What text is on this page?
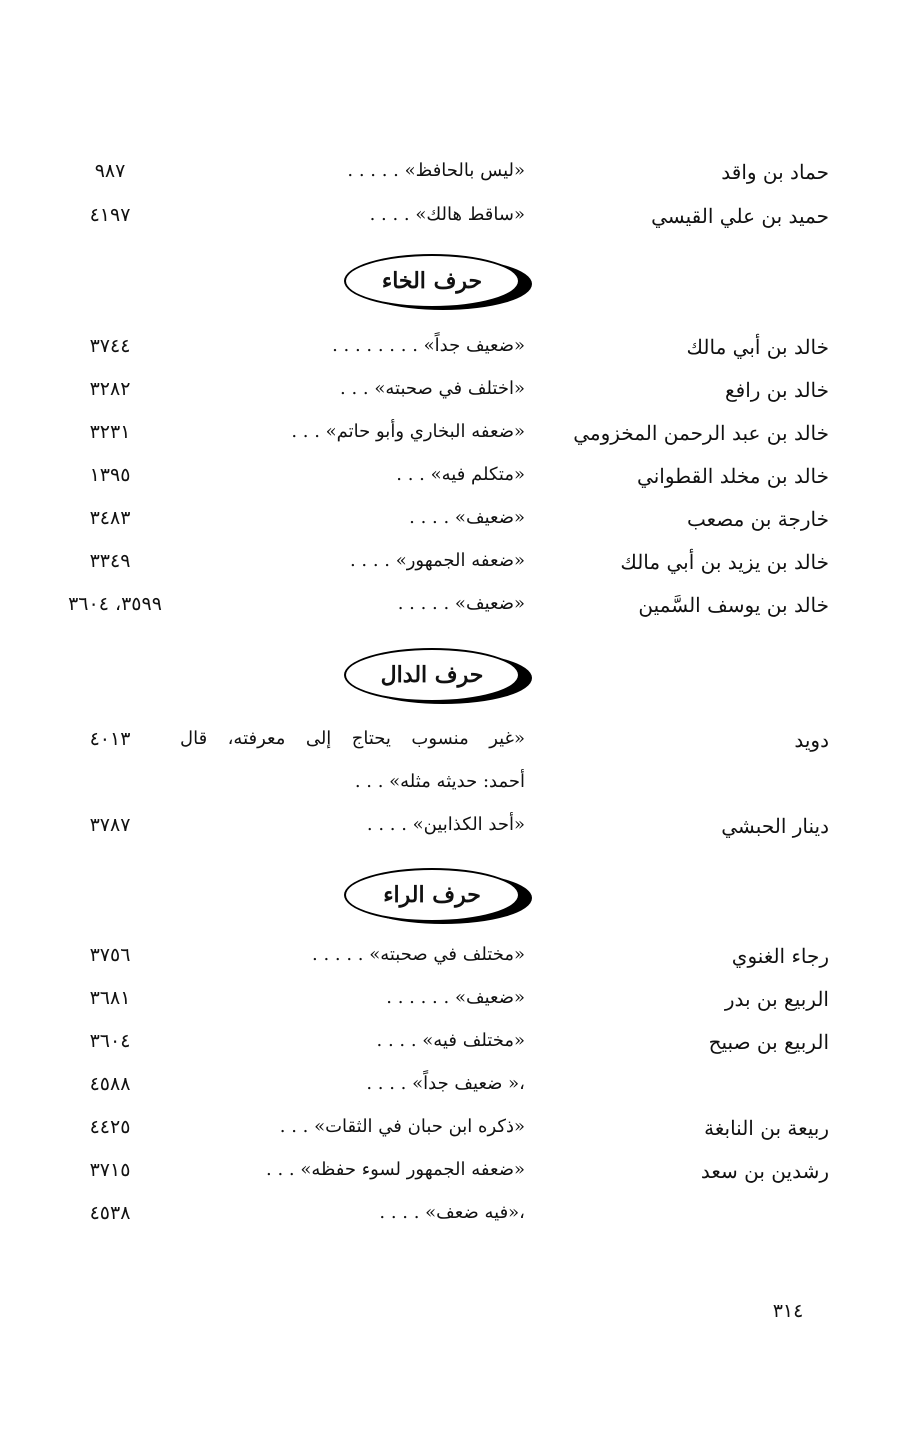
حماد بن واقد
«ليس بالحافظ» . . . . .
٩٨٧
حميد بن علي القيسي
«ساقط هالك» . . . .
٤١٩٧
حرف الخاء
خالد بن أبي مالك
«ضعيف جداً» . . . . . . . .
٣٧٤٤
خالد بن رافع
«اختلف في صحبته» . . .
٣٢٨٢
خالد بن عبد الرحمن المخزومي
«ضعفه البخاري وأبو حاتم» . . .
٣٢٣١
خالد بن مخلد القطواني
«متكلم فيه» . . .
١٣٩٥
خارجة بن مصعب
«ضعيف» . . . .
٣٤٨٣
خالد بن يزيد بن أبي مالك
«ضعفه الجمهور» . . . .
٣٣٤٩
خالد بن يوسف السَّمين
«ضعيف» . . . . .
٣٥٩٩، ٣٦٠٤
حرف الدال
دويد
«غير منسوب يحتاج إلى معرفته، قال
٤٠١٣
أحمد: حديثه مثله» . . .
دينار الحبشي
«أحد الكذابين» . . . .
٣٧٨٧
حرف الراء
رجاء الغنوي
«مختلف في صحبته» . . . . .
٣٧٥٦
الربيع بن بدر
«ضعيف» . . . . . .
٣٦٨١
الربيع بن صبيح
«مختلف فيه» . . . .
٣٦٠٤
،« ضعيف جداً» . . . .
٤٥٨٨
ربيعة بن النابغة
«ذكره ابن حبان في الثقات» . . .
٤٤٢٥
رشدين بن سعد
«ضعفه الجمهور لسوء حفظه» . . .
٣٧١٥
،«فيه ضعف» . . . .
٤٥٣٨
٣١٤
